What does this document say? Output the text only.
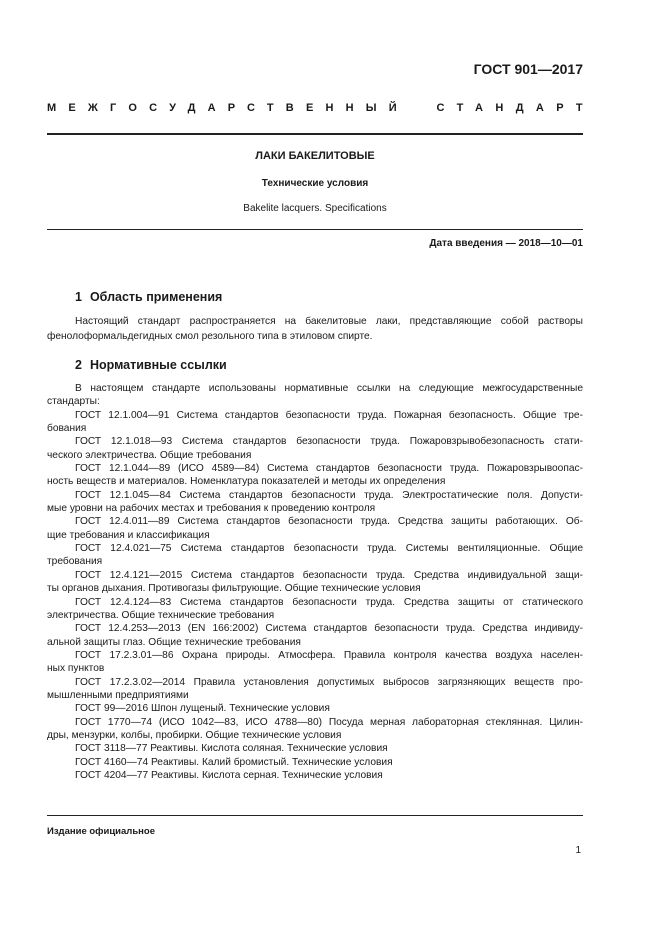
ГОСТ 901—2017
МЕЖГОСУДАРСТВЕННЫЙ	СТАНДАРТ
ЛАКИ БАКЕЛИТОВЫЕ
Технические условия
Bakelite lacquers. Specifications
Дата введения — 2018—10—01
1 Область применения
Настоящий стандарт распространяется на бакелитовые лаки, представляющие собой растворы
фенолоформальдегидных смол резольного типа в этиловом спирте.
2 Нормативные ссылки
В настоящем стандарте использованы нормативные ссылки на следующие межгосударственные
стандарты:
ГОСТ 12.1.004—91 Система стандартов безопасности труда. Пожарная безопасность. Общие тре-
бования
ГОСТ 12.1.018—93 Система стандартов безопасности труда. Пожаровзрывобезопасность стати-
ческого электричества. Общие требования
ГОСТ 12.1.044—89 (ИСО 4589—84) Система стандартов безопасности труда. Пожаровзрывоопас-
ность веществ и материалов. Номенклатура показателей и методы их определения
ГОСТ 12.1.045—84 Система стандартов безопасности труда. Электростатические поля. Допусти-
мые уровни на рабочих местах и требования к проведению контроля
ГОСТ 12.4.011—89 Система стандартов безопасности труда. Средства защиты работающих. Об-
щие требования и классификация
ГОСТ 12.4.021—75 Система стандартов безопасности труда. Системы вентиляционные. Общие
требования
ГОСТ 12.4.121—2015 Система стандартов безопасности труда. Средства индивидуальной защи-
ты органов дыхания. Противогазы фильтрующие. Общие технические условия
ГОСТ 12.4.124—83 Система стандартов безопасности труда. Средства защиты от статического
электричества. Общие технические требования
ГОСТ 12.4.253—2013 (EN 166:2002) Система стандартов безопасности труда. Средства индивиду-
альной защиты глаз. Общие технические требования
ГОСТ 17.2.3.01—86 Охрана природы. Атмосфера. Правила контроля качества воздуха населен-
ных пунктов
ГОСТ 17.2.3.02—2014 Правила установления допустимых выбросов загрязняющих веществ про-
мышленными предприятиями
ГОСТ 99—2016 Шпон лущеный. Технические условия
ГОСТ 1770—74 (ИСО 1042—83, ИСО 4788—80) Посуда мерная лабораторная стеклянная. Цилин-
дры, мензурки, колбы, пробирки. Общие технические условия
ГОСТ 3118—77 Реактивы. Кислота соляная. Технические условия
ГОСТ 4160—74 Реактивы. Калий бромистый. Технические условия
ГОСТ 4204—77 Реактивы. Кислота серная. Технические условия
Издание официальное
1
